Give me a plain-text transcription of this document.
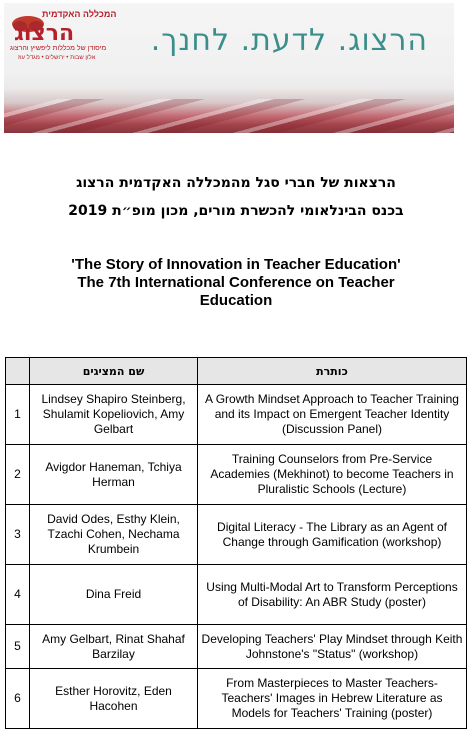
הרצוג. לדעת. לחנך.
המכללה האקדמית
הרצוג
מיסודן של מכללות ליפשיץ והרצוג
אלון שבות • ירושלים • מגדל עוז
הרצאות של חברי סגל מהמכללה האקדמית הרצוג
בכנס הבינלאומי להכשרת מורים, מכון מופ״ת 2019
'The Story of Innovation in Teacher Education'
The 7th International Conference on Teacher
Education
	שם המציגים	כותרת
1	Lindsey Shapiro Steinberg, Shulamit Kopeliovich, Amy Gelbart	A Growth Mindset Approach to Teacher Training and its Impact on Emergent Teacher Identity (Discussion Panel)
2	Avigdor Haneman, Tchiya Herman	Training Counselors from Pre-Service Academies (Mekhinot) to become Teachers in Pluralistic Schools (Lecture)
3	David Odes, Esthy Klein, Tzachi Cohen, Nechama Krumbein	Digital Literacy - The Library as an Agent of Change through Gamification (workshop)
4	Dina Freid	Using Multi-Modal Art to Transform Perceptions of Disability: An ABR Study (poster)
5	Amy Gelbart, Rinat Shahaf Barzilay	Developing Teachers' Play Mindset through Keith Johnstone's "Status" (workshop)
6	Esther Horovitz, Eden Hacohen	From Masterpieces to Master Teachers- Teachers' Images in Hebrew Literature as Models for Teachers' Training (poster)
